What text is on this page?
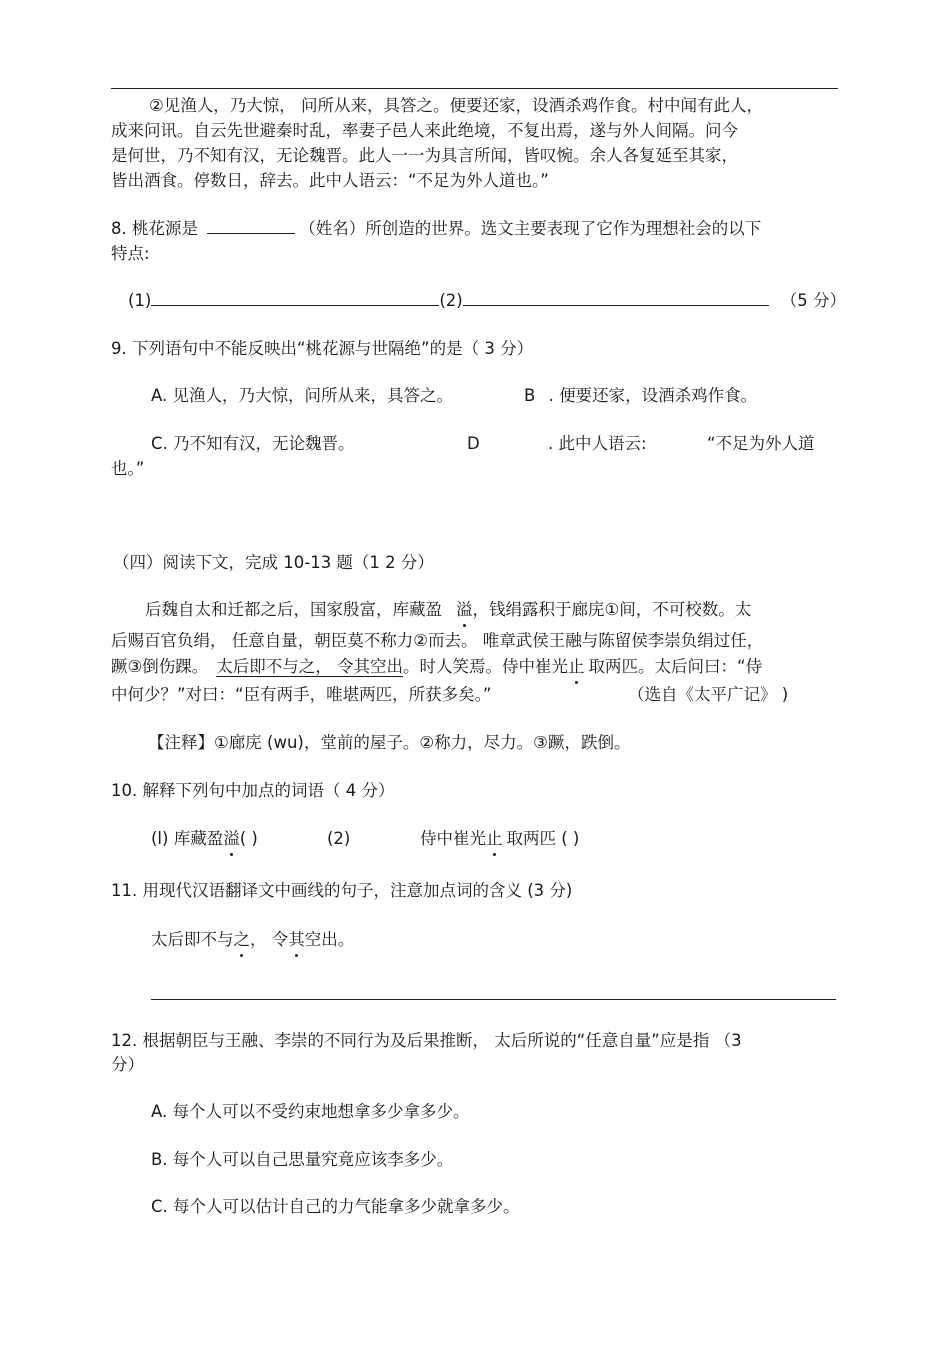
②见渔人，乃大惊， 问所从来，具答之。便要还家，设酒杀鸡作食。村中闻有此人，
成来问讯。自云先世避秦时乱，率妻子邑人来此绝境，不复出焉，遂与外人间隔。问今
是何世，乃不知有汉，无论魏晋。此人一一为具言所闻，皆叹惋。余人各复延至其家，
皆出酒食。停数日，辞去。此中人语云：“不足为外人道也。”
8. 桃花源是	（姓名）所创造的世界。选文主要表现了它作为理想社会的以下
特点:
(1)	(2)	（5 分）
9. 下列语句中不能反映出“桃花源与世隔绝”的是（ 3 分）
A. 见渔人，乃大惊，问所从来，具答之。	B . 便要还家，设酒杀鸡作食。
C. 乃不知有汉，无论魏晋。	D	. 此中人语云:	“不足为外人道
也。”
（四）阅读下文，完成 10-13 题（1 2 分）
后魏自太和迁都之后，国家殷富，库藏盈 溢，钱绢露积于廊庑①间，不可校数。太
后赐百官负绢， 任意自量，朝臣莫不称力②而去。 唯章武侯王融与陈留侯李崇负绢过任，
蹶③倒伤踝。 太后即不与之， 令其空出。时人笑焉。侍中崔光止 取两匹。太后问曰：“侍
中何少？”对曰：“臣有两手，唯堪两匹，所获多矣。”	（选自《太平广记》 )
【注释】①廊庑 (wu)，堂前的屋子。②称力，尽力。③蹶，跌倒。
10. 解释下列句中加点的词语（ 4 分）
(l) 库藏盈溢( )	(2)	侍中崔光止 取两匹 ( )
11. 用现代汉语翻译文中画线的句子，注意加点词的含义 (3 分)
太后即不与之， 令其空出。
12. 根据朝臣与王融、李崇的不同行为及后果推断， 太后所说的“任意自量”应是指 （3
分）
A. 每个人可以不受约束地想拿多少拿多少。
B. 每个人可以自己思量究竟应该李多少。
C. 每个人可以估计自己的力气能拿多少就拿多少。
